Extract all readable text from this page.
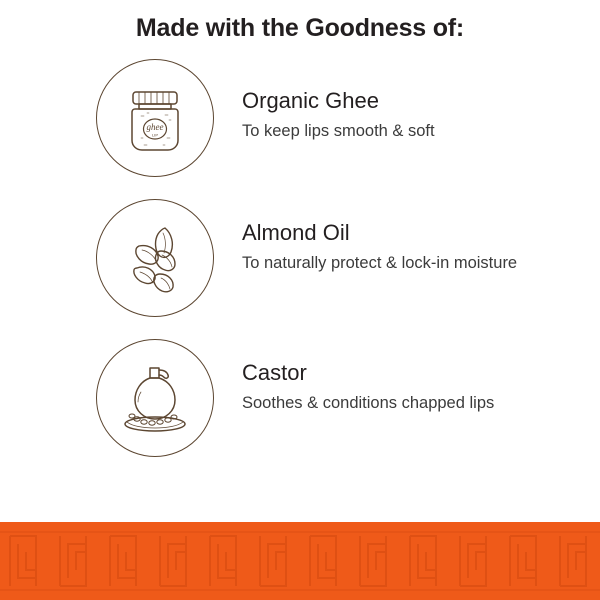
Made with the Goodness of:
ghee
LIP
Organic Ghee
To keep lips smooth & soft
Almond Oil
To naturally protect & lock-in moisture
Castor
Soothes & conditions chapped lips
